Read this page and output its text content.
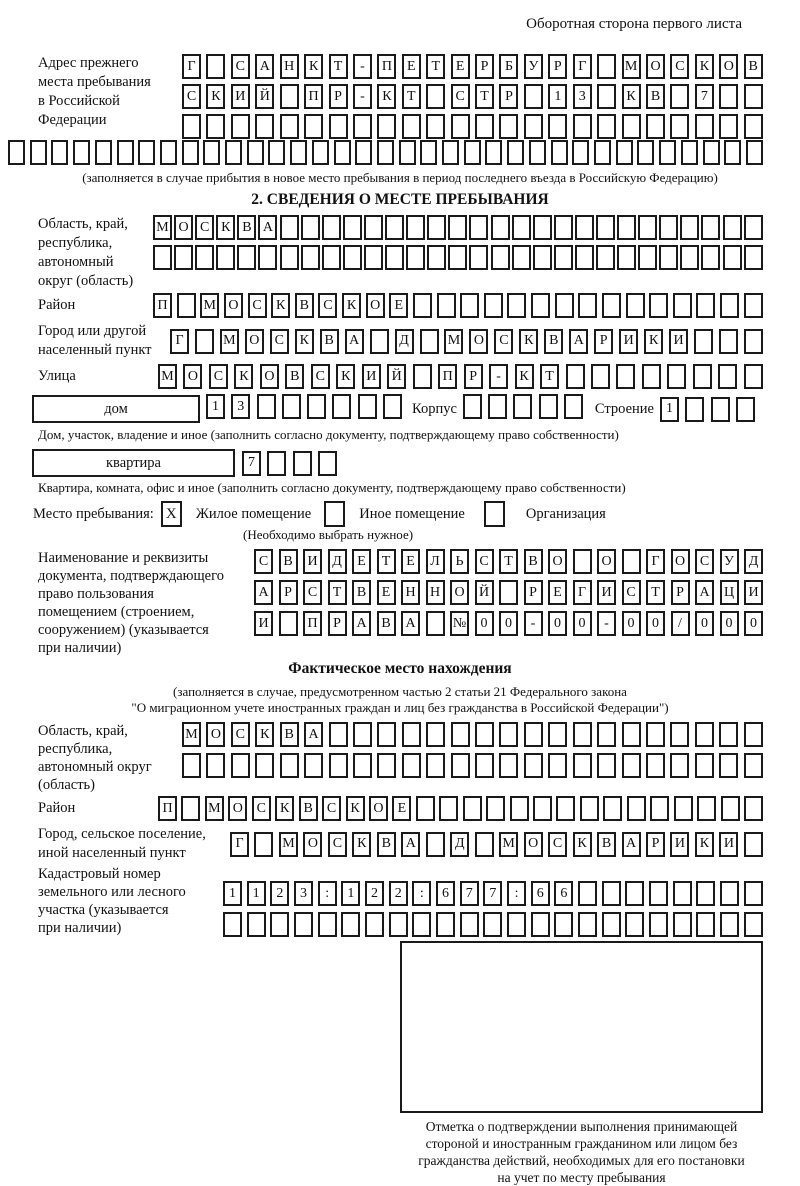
Оборотная сторона первого листа
Адрес прежнего
места пребывания
в Российской
Федерации
Г	С	А	Н	К	Т	-	П	Е	Т	Е	Р	Б	У	Р	Г	М О	С	К	О	В
С	К	И	Й	П	Р	-	К	Т	С	Т	Р	1	3	К	В	7
(заполняется в случае прибытия в новое место пребывания в период последнего въезда в Российскую Федерацию)
2. СВЕДЕНИЯ О МЕСТЕ ПРЕБЫВАНИЯ
Область, край,
республика,
автономный
округ (область)
М О С К В А
Район	П	М О С	К	В	С	К О	Е
Город или другой
населенный пункт
Г	М О	С	К	В	А	Д	М О	С	К	В	А	Р	И	К	И
Улица	М	О	С	К	О	В	С	К	И	Й	П	Р	-	К	Т
дом	1	3	Корпус	Строение 1
Дом, участок, владение и иное (заполнить согласно документу, подтверждающему право собственности)
квартира	7
Квартира, комната, офис и иное (заполнить согласно документу, подтверждающему право собственности)
Место пребывания: X	Жилое помещение	Иное помещение	Организация
(Необходимо выбрать нужное)
Наименование и реквизиты
документа, подтверждающего
право пользования
помещением (строением,
сооружением) (указывается
при наличии)
С	В	И	Д	Е	Т	Е	Л	Ь	С	Т	В	О	О	Г	О	С	У	Д
А	Р	С	Т	В	Е	Н	Н	О	Й	Р	Е	Г	И	С	Т	Р	А	Ц	И
И	П	Р	А	В	А	№	0	0	-	0	0	-	0	0	/	0	0	0
Фактическое место нахождения
(заполняется в случае, предусмотренном частью 2 статьи 21 Федерального закона
"О миграционном учете иностранных граждан и лиц без гражданства в Российской Федерации")
Область, край,
республика,
автономный округ
(область)
М О	С	К	В	А
Район	П	М О С	К	В	С	К О	Е
Город, сельское поселение,
иной населенный пункт
Г	М О	С	К	В	А	Д	М О	С	К	В	А	Р	И	К	И
Кадастровый номер
земельного или лесного
участка (указывается
при наличии)
1	1	2	3	:	1	2	2	:	6	7	7	:	6	6
Отметка о подтверждении выполнения принимающей
стороной и иностранным гражданином или лицом без
гражданства действий, необходимых для его постановки
на учет по месту пребывания
